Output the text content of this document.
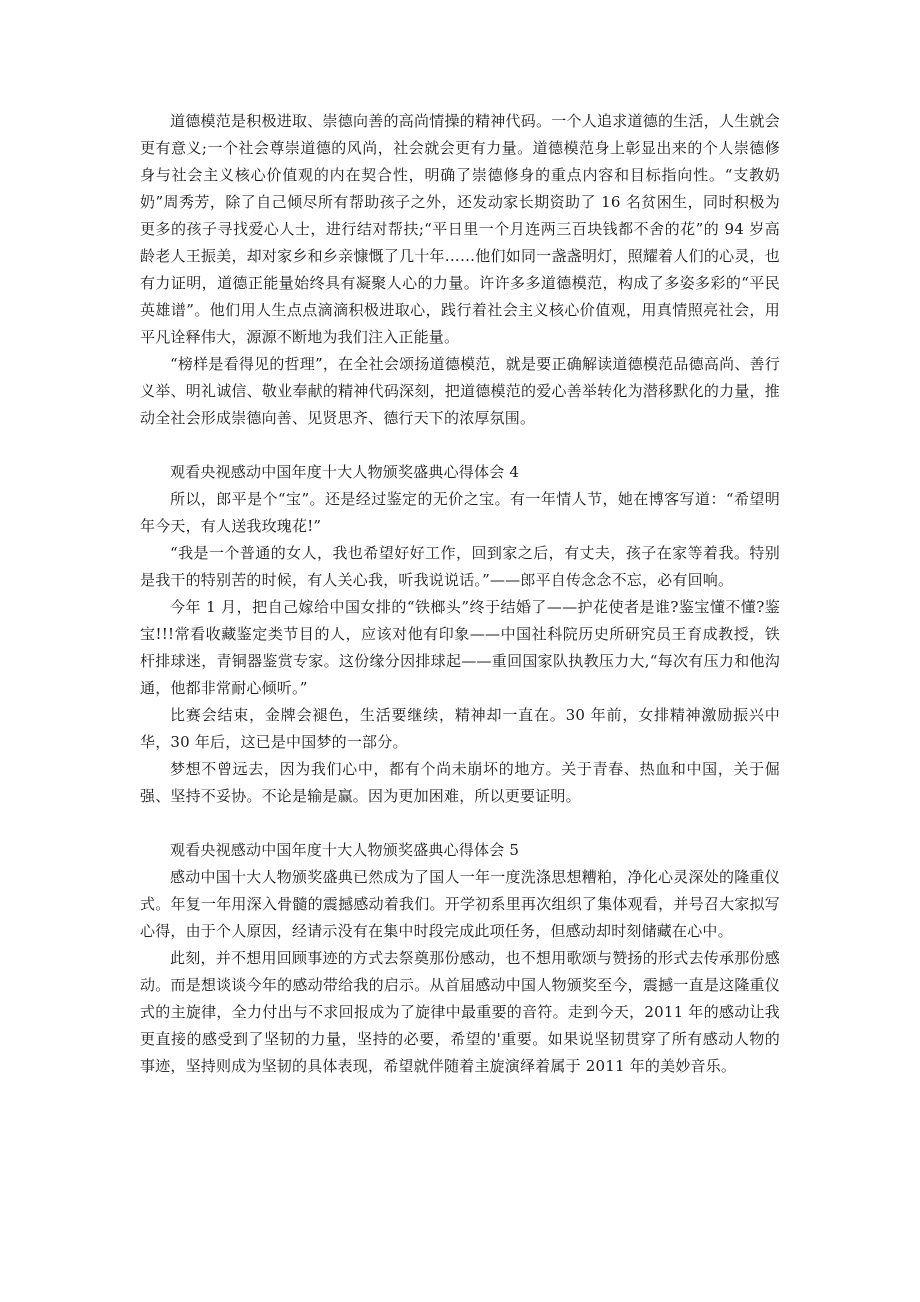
道德模范是积极进取、崇德向善的高尚情操的精神代码。一个人追求道德的生活，人生就会更有意义;一个社会尊崇道德的风尚，社会就会更有力量。道德模范身上彰显出来的个人崇德修身与社会主义核心价值观的内在契合性，明确了崇德修身的重点内容和目标指向性。“支教奶奶”周秀芳，除了自己倾尽所有帮助孩子之外，还发动家长期资助了 16 名贫困生，同时积极为更多的孩子寻找爱心人士，进行结对帮扶;“平日里一个月连两三百块钱都不舍的花”的 94 岁高龄老人王振美，却对家乡和乡亲慷慨了几十年……他们如同一盏盏明灯，照耀着人们的心灵，也有力证明，道德正能量始终具有凝聚人心的力量。许许多多道德模范，构成了多姿多彩的“平民英雄谱”。他们用人生点点滴滴积极进取心，践行着社会主义核心价值观，用真情照亮社会，用平凡诠释伟大，源源不断地为我们注入正能量。

“榜样是看得见的哲理”，在全社会颂扬道德模范，就是要正确解读道德模范品德高尚、善行义举、明礼诚信、敬业奉献的精神代码深刻，把道德模范的爱心善举转化为潜移默化的力量，推动全社会形成崇德向善、见贤思齐、德行天下的浓厚氛围。

观看央视感动中国年度十大人物颁奖盛典心得体会 4

所以，郎平是个“宝”。还是经过鉴定的无价之宝。有一年情人节，她在博客写道：“希望明年今天，有人送我玫瑰花!”

“我是一个普通的女人，我也希望好好工作，回到家之后，有丈夫，孩子在家等着我。特别是我干的特别苦的时候，有人关心我，听我说说话。”——郎平自传念念不忘，必有回响。

今年 1 月，把自己嫁给中国女排的“铁榔头”终于结婚了——护花使者是谁?鉴宝懂不懂?鉴宝!!!常看收藏鉴定类节目的人，应该对他有印象——中国社科院历史所研究员王育成教授，铁杆排球迷，青铜器鉴赏专家。这份缘分因排球起——重回国家队执教压力大,“每次有压力和他沟通，他都非常耐心倾听。”

比赛会结束，金牌会褪色，生活要继续，精神却一直在。30 年前，女排精神激励振兴中华，30 年后，这已是中国梦的一部分。

梦想不曾远去，因为我们心中，都有个尚未崩坏的地方。关于青春、热血和中国，关于倔强、坚持不妥协。不论是输是赢。因为更加困难，所以更要证明。

观看央视感动中国年度十大人物颁奖盛典心得体会 5

感动中国十大人物颁奖盛典已然成为了国人一年一度洗涤思想糟粕，净化心灵深处的隆重仪式。年复一年用深入骨髓的震撼感动着我们。开学初系里再次组织了集体观看，并号召大家拟写心得，由于个人原因，经请示没有在集中时段完成此项任务，但感动却时刻储藏在心中。

此刻，并不想用回顾事迹的方式去祭奠那份感动，也不想用歌颂与赞扬的形式去传承那份感动。而是想谈谈今年的感动带给我的启示。从首届感动中国人物颁奖至今，震撼一直是这隆重仪式的主旋律，全力付出与不求回报成为了旋律中最重要的音符。走到今天，2011 年的感动让我更直接的感受到了坚韧的力量，坚持的必要，希望的'重要。如果说坚韧贯穿了所有感动人物的事迹，坚持则成为坚韧的具体表现，希望就伴随着主旋演绎着属于 2011 年的美妙音乐。
